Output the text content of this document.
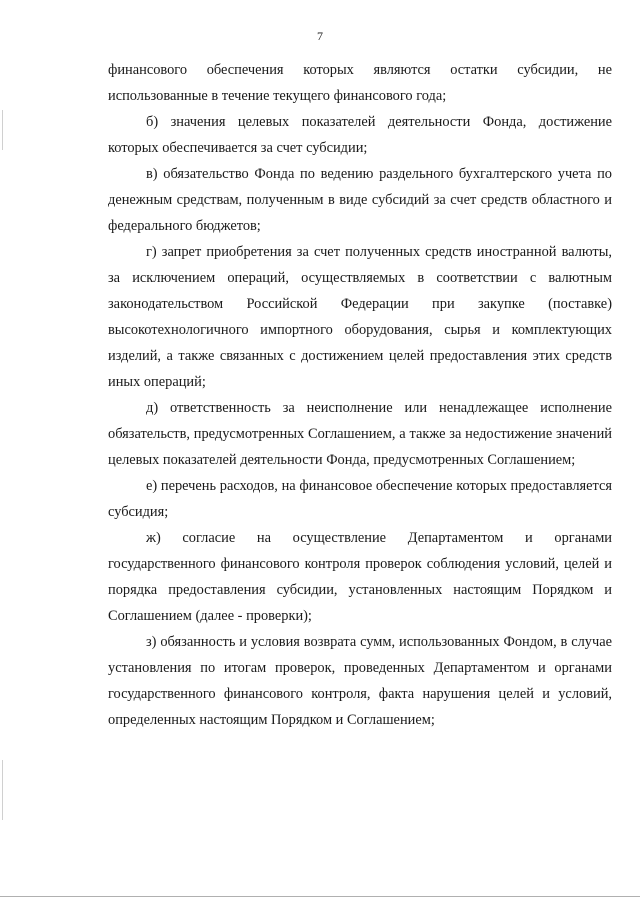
7

финансового обеспечения которых являются остатки субсидии, не использованные в течение текущего финансового года;

б) значения целевых показателей деятельности Фонда, достижение которых обеспечивается за счет субсидии;

в) обязательство Фонда по ведению раздельного бухгалтерского учета по денежным средствам, полученным в виде субсидий за счет средств областного и федерального бюджетов;

г) запрет приобретения за счет полученных средств иностранной валюты, за исключением операций, осуществляемых в соответствии с валютным законодательством Российской Федерации при закупке (поставке) высокотехнологичного импортного оборудования, сырья и комплектующих изделий, а также связанных с достижением целей предоставления этих средств иных операций;

д) ответственность за неисполнение или ненадлежащее исполнение обязательств, предусмотренных Соглашением, а также за недостижение значений целевых показателей деятельности Фонда, предусмотренных Соглашением;

е) перечень расходов, на финансовое обеспечение которых предоставляется субсидия;

ж) согласие на осуществление Департаментом и органами государственного финансового контроля проверок соблюдения условий, целей и порядка предоставления субсидии, установленных настоящим Порядком и Соглашением (далее - проверки);

з) обязанность и условия возврата сумм, использованных Фондом, в случае установления по итогам проверок, проведенных Департаментом и органами государственного финансового контроля, факта нарушения целей и условий, определенных настоящим Порядком и Соглашением;
